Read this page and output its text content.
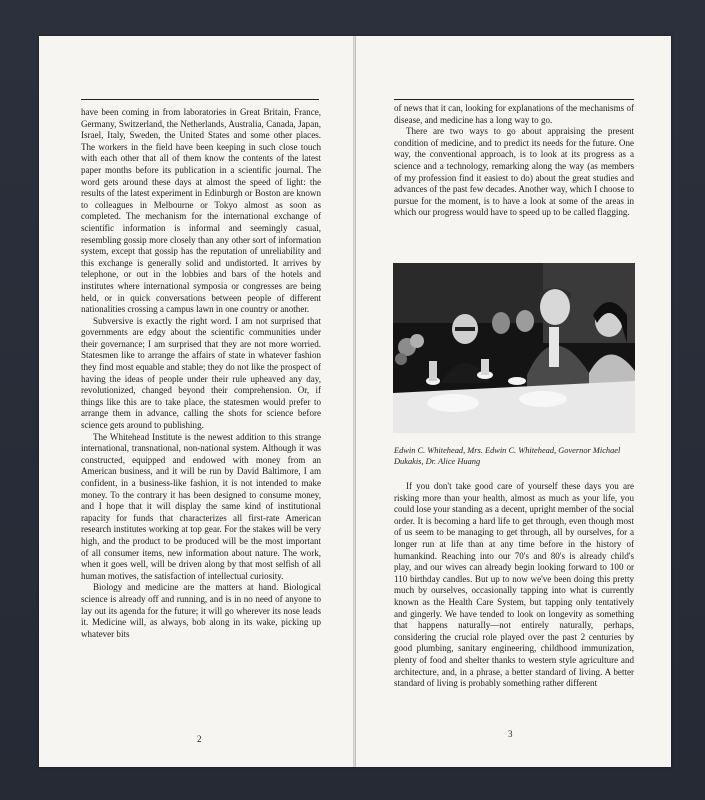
have been coming in from laboratories in Great Britain, France, Germany, Switzerland, the Netherlands, Australia, Canada, Japan, Israel, Italy, Sweden, the United States and some other places. The workers in the field have been keeping in such close touch with each other that all of them know the contents of the latest paper months before its publication in a scientific journal. The word gets around these days at almost the speed of light: the results of the latest experiment in Edinburgh or Boston are known to colleagues in Melbourne or Tokyo almost as soon as completed. The mechanism for the international exchange of scientific information is informal and seemingly casual, resembling gossip more closely than any other sort of information system, except that gossip has the reputation of unreliability and this exchange is generally solid and undistorted. It arrives by telephone, or out in the lobbies and bars of the hotels and institutes where international symposia or congresses are being held, or in quick conversations between people of different nationalities crossing a campus lawn in one country or another.

Subversive is exactly the right word. I am not surprised that governments are edgy about the scientific communities under their governance; I am surprised that they are not more worried. Statesmen like to arrange the affairs of state in whatever fashion they find most equable and stable; they do not like the prospect of having the ideas of people under their rule upheaved any day, revolutionized, changed beyond their comprehension. Or, if things like this are to take place, the statesmen would prefer to arrange them in advance, calling the shots for science before science gets around to publishing.

The Whitehead Institute is the newest addition to this strange international, transnational, non-national system. Although it was constructed, equipped and endowed with money from an American business, and it will be run by David Baltimore, I am confident, in a business-like fashion, it is not intended to make money. To the contrary it has been designed to consume money, and I hope that it will display the same kind of institutional rapacity for funds that characterizes all first-rate American research institutes working at top gear. For the stakes will be very high, and the product to be produced will be the most important of all consumer items, new information about nature. The work, when it goes well, will be driven along by that most selfish of all human motives, the satisfaction of intellectual curiosity.

Biology and medicine are the matters at hand. Biological science is already off and running, and is in no need of anyone to lay out its agenda for the future; it will go wherever its nose leads it. Medicine will, as always, bob along in its wake, picking up whatever bits

2

of news that it can, looking for explanations of the mechanisms of disease, and medicine has a long way to go.

There are two ways to go about appraising the present condition of medicine, and to predict its needs for the future. One way, the conventional approach, is to look at its progress as a science and a technology, remarking along the way (as members of my profession find it easiest to do) about the great studies and advances of the past few decades. Another way, which I choose to pursue for the moment, is to have a look at some of the areas in which our progress would have to speed up to be called flagging.

Edwin C. Whitehead, Mrs. Edwin C. Whitehead, Governor Michael Dukakis, Dr. Alice Huang

If you don't take good care of yourself these days you are risking more than your health, almost as much as your life, you could lose your standing as a decent, upright member of the social order. It is becoming a hard life to get through, even though most of us seem to be managing to get through, all by ourselves, for a longer run at life than at any time before in the history of humankind. Reaching into our 70's and 80's is already child's play, and our wives can already begin looking forward to 100 or 110 birthday candles. But up to now we've been doing this pretty much by ourselves, occasionally tapping into what is currently known as the Health Care System, but tapping only tentatively and gingerly. We have tended to look on longevity as something that happens naturally—not entirely naturally, perhaps, considering the crucial role played over the past 2 centuries by good plumbing, sanitary engineering, childhood immunization, plenty of food and shelter thanks to western style agriculture and architecture, and, in a phrase, a better standard of living. A better standard of living is probably something rather different

3
